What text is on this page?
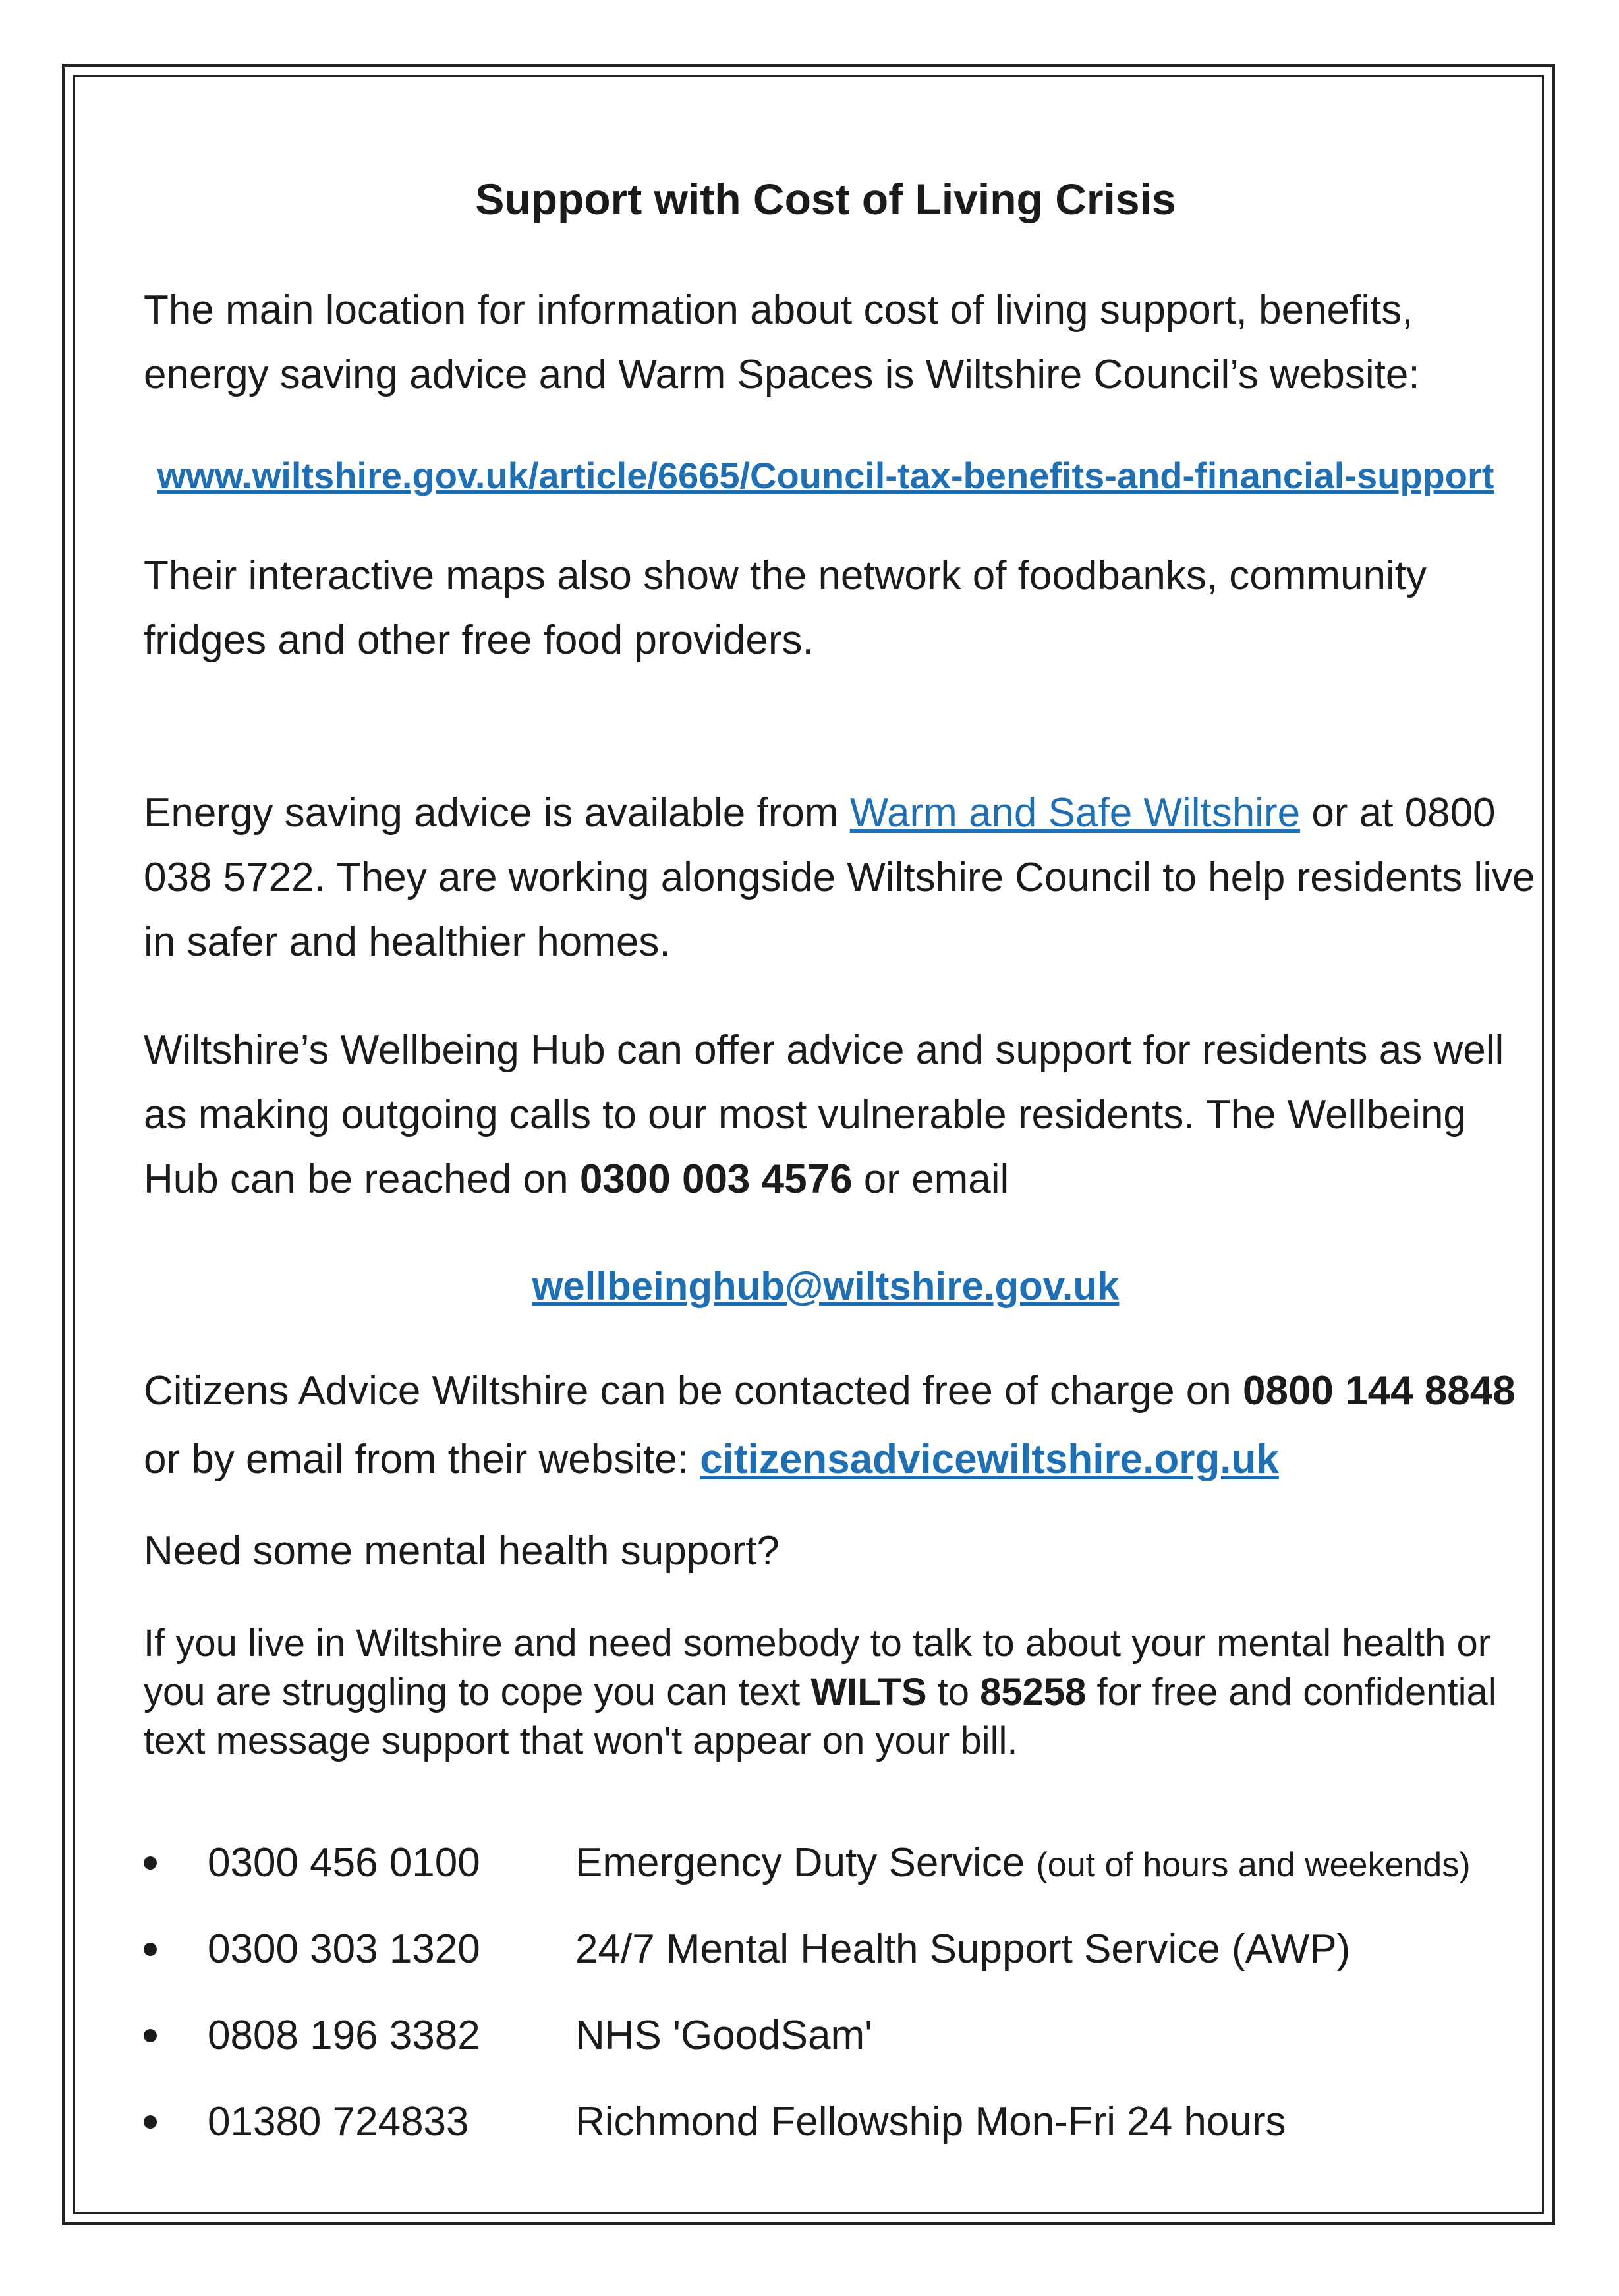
Support with Cost of Living Crisis

The main location for information about cost of living support, benefits, energy saving advice and Warm Spaces is Wiltshire Council’s website:

www.wiltshire.gov.uk/article/6665/Council-tax-benefits-and-financial-support

Their interactive maps also show the network of foodbanks, community fridges and other free food providers.

Energy saving advice is available from Warm and Safe Wiltshire or at 0800 038 5722. They are working alongside Wiltshire Council to help residents live in safer and healthier homes.

Wiltshire’s Wellbeing Hub can offer advice and support for residents as well as making outgoing calls to our most vulnerable residents. The Wellbeing Hub can be reached on 0300 003 4576 or email

wellbeinghub@wiltshire.gov.uk

Citizens Advice Wiltshire can be contacted free of charge on 0800 144 8848 or by email from their website: citizensadvicewiltshire.org.uk

Need some mental health support?

If you live in Wiltshire and need somebody to talk to about your mental health or you are struggling to cope you can text WILTS to 85258 for free and confidential text message support that won't appear on your bill.

0300 456 0100 Emergency Duty Service (out of hours and weekends)
0300 303 1320 24/7 Mental Health Support Service (AWP)
0808 196 3382 NHS 'GoodSam'
01380 724833	Richmond Fellowship Mon-Fri 24 hours
